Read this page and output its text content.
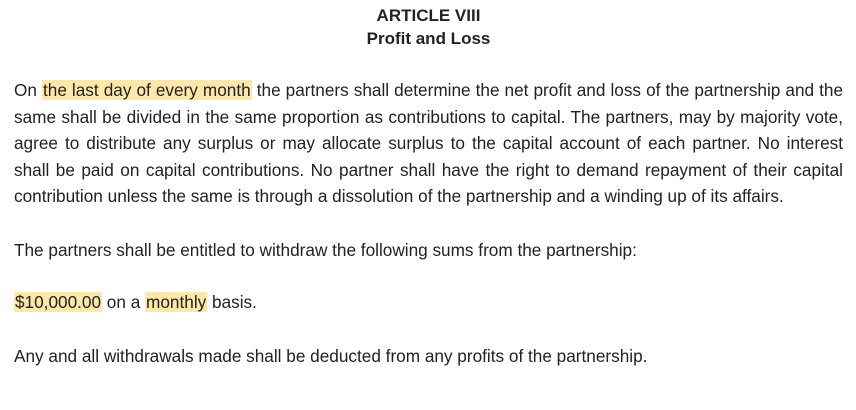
ARTICLE VIII

Profit and Loss

On the last day of every month the partners shall determine the net profit and loss of the partnership and the same shall be divided in the same proportion as contributions to capital. The partners, may by majority vote, agree to distribute any surplus or may allocate surplus to the capital account of each partner. No interest shall be paid on capital contributions. No partner shall have the right to demand repayment of their capital contribution unless the same is through a dissolution of the partnership and a winding up of its affairs.

The partners shall be entitled to withdraw the following sums from the partnership:

$10,000.00 on a monthly basis.

Any and all withdrawals made shall be deducted from any profits of the partnership.
